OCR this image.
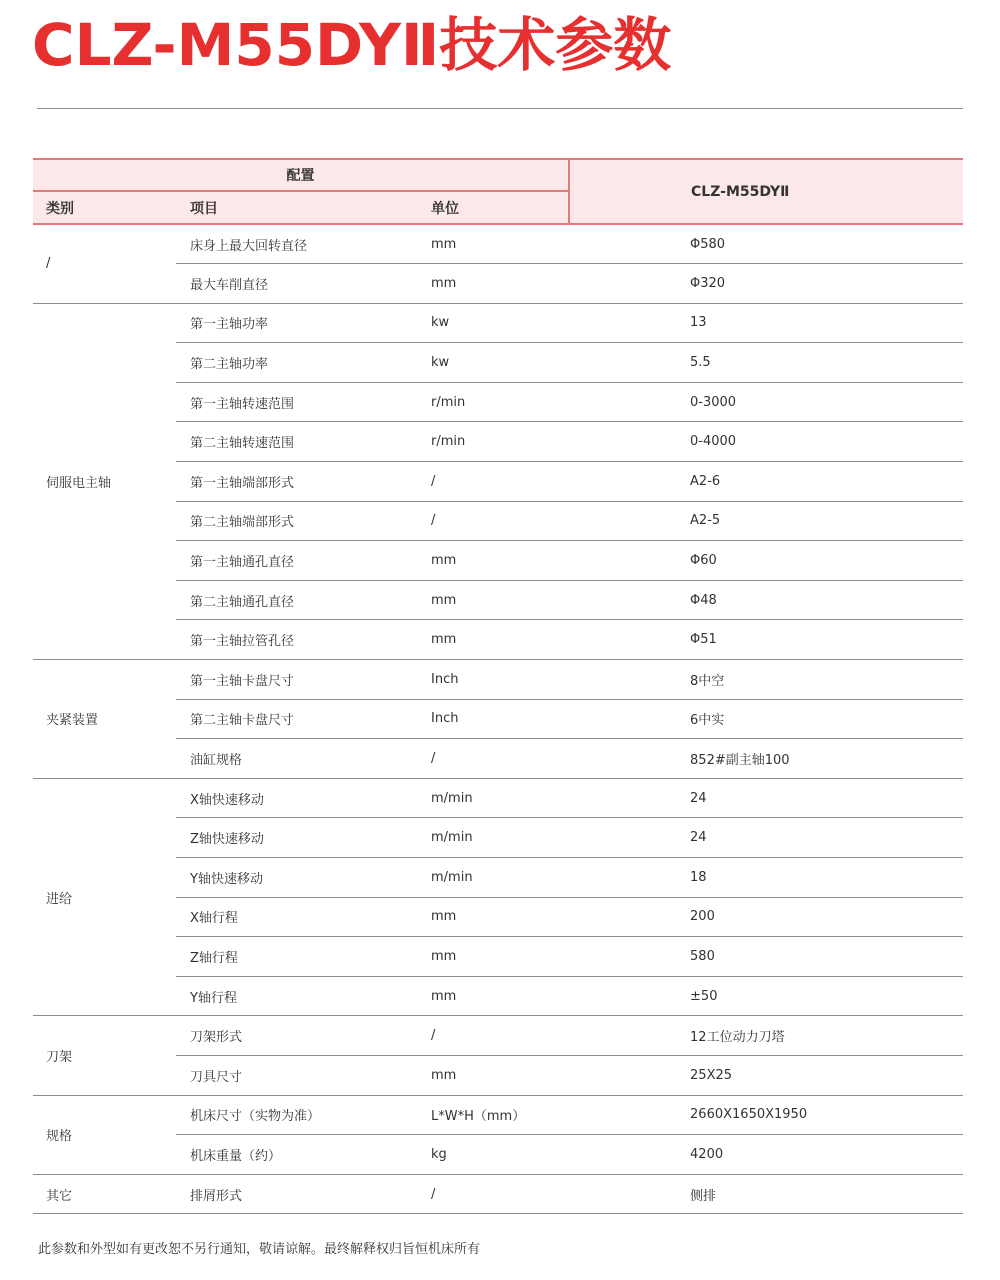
CLZ-M55DYⅡ技术参数
配置			CLZ-M55DYⅡ
类别	项目	单位	
/	床身上最大回转直径	mm	Φ580
	最大车削直径	mm	Φ320
伺服电主轴	第一主轴功率	kw	13
	第二主轴功率	kw	5.5
	第一主轴转速范围	r/min	0-3000
	第二主轴转速范围	r/min	0-4000
	第一主轴端部形式	/	A2-6
	第二主轴端部形式	/	A2-5
	第一主轴通孔直径	mm	Φ60
	第二主轴通孔直径	mm	Φ48
	第一主轴拉管孔径	mm	Φ51
夹紧装置	第一主轴卡盘尺寸	Inch	8中空
	第二主轴卡盘尺寸	Inch	6中实
	油缸规格	/	852#副主轴100
进给	X轴快速移动	m/min	24
	Z轴快速移动	m/min	24
	Y轴快速移动	m/min	18
	X轴行程	mm	200
	Z轴行程	mm	580
	Y轴行程	mm	±50
刀架	刀架形式	/	12工位动力刀塔
	刀具尺寸	mm	25X25
规格	机床尺寸（实物为准）	L*W*H（mm）	2660X1650X1950
	机床重量（约）	kg	4200
其它	排屑形式	/	侧排

此参数和外型如有更改恕不另行通知，敬请谅解。最终解释权归旨恒机床所有
